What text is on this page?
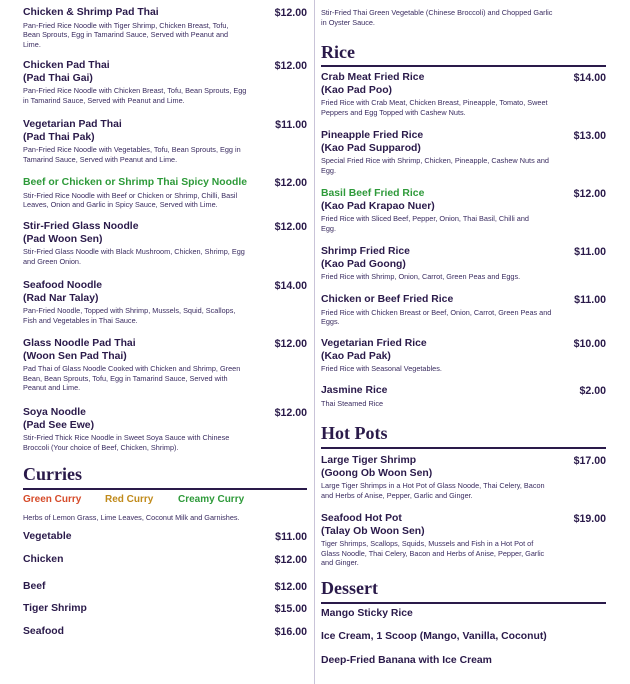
Chicken & Shrimp Pad Thai	$12.00
Pan-Fried Rice Noodle with Tiger Shrimp, Chicken Breast, Tofu, Bean Sprouts, Egg in Tamarind Sauce, Served with Peanut and Lime.
Chicken Pad Thai
(Pad Thai Gai)
$12.00
Pan-Fried Rice Noodle with Chicken Breast, Tofu, Bean Sprouts, Egg in Tamarind Sauce, Served with Peanut and Lime.
Vegetarian Pad Thai
(Pad Thai Pak)
$11.00
Pan-Fried Rice Noodle with Vegetables, Tofu, Bean Sprouts, Egg in Tamarind Sauce, Served with Peanut and Lime.
Beef or Chicken or Shrimp Thai Spicy Noodle	$12.00
Stir-Fried Rice Noodle with Beef or Chicken or Shrimp, Chilli, Basil Leaves, Onion and Garlic in Spicy Sauce, Served with Lime.
Stir-Fried Glass Noodle
(Pad Woon Sen)
$12.00
Stir-Fried Glass Noodle with Black Mushroom, Chicken, Shrimp, Egg and Green Onion.
Seafood Noodle
(Rad Nar Talay)
$14.00
Pan-Fried Noodle, Topped with Shrimp, Mussels, Squid, Scallops, Fish and Vegetables in Thai Sauce.
Glass Noodle Pad Thai
(Woon Sen Pad Thai)
$12.00
Pad Thai of Glass Noodle Cooked with Chicken and Shrimp, Green Bean, Bean Sprouts, Tofu, Egg in Tamarind Sauce, Served with Peanut and Lime.
Soya Noodle
(Pad See Ewe)
$12.00
Stir-Fried Thick Rice Noodle in Sweet Soya Sauce with Chinese Broccoli (Your choice of Beef, Chicken, Shrimp).
Curries
Green Curry Red Curry Creamy Curry
Herbs of Lemon Grass, Lime Leaves, Coconut Milk and Garnishes.
Vegetable	$11.00
Chicken	$12.00
Beef	$12.00
Tiger Shrimp	$15.00
Seafood	$16.00
Stir-Fried Thai Green Vegetable (Chinese Broccoli) and Chopped Garlic in Oyster Sauce.
Rice
Crab Meat Fried Rice
(Kao Pad Poo)
$14.00
Fried Rice with Crab Meat, Chicken Breast, Pineapple, Tomato, Sweet Peppers and Egg Topped with Cashew Nuts.
Pineapple Fried Rice
(Kao Pad Supparod)
$13.00
Special Fried Rice with Shrimp, Chicken, Pineapple, Cashew Nuts and Egg.
Basil Beef Fried Rice
(Kao Pad Krapao Nuer)
$12.00
Fried Rice with Sliced Beef, Pepper, Onion, Thai Basil, Chilli and Egg.
Shrimp Fried Rice
(Kao Pad Goong)
$11.00
Fried Rice with Shrimp, Onion, Carrot, Green Peas and Eggs.
Chicken or Beef Fried Rice	$11.00
Fried Rice with Chicken Breast or Beef, Onion, Carrot, Green Peas and Eggs.
Vegetarian Fried Rice
(Kao Pad Pak)
$10.00
Fried Rice with Seasonal Vegetables.
Jasmine Rice	$2.00
Thai Steamed Rice
Hot Pots
Large Tiger Shrimp
(Goong Ob Woon Sen)
$17.00
Large Tiger Shrimps in a Hot Pot of Glass Noode, Thai Celery, Bacon and Herbs of Anise, Pepper, Garlic and Ginger.
Seafood Hot Pot
(Talay Ob Woon Sen)
$19.00
Tiger Shrimps, Scallops, Squids, Mussels and Fish in a Hot Pot of Glass Noodle, Thai Celery, Bacon and Herbs of Anise, Pepper, Garlic and Ginger.
Dessert
Mango Sticky Rice
Ice Cream, 1 Scoop (Mango, Vanilla, Coconut)
Deep-Fried Banana with Ice Cream
